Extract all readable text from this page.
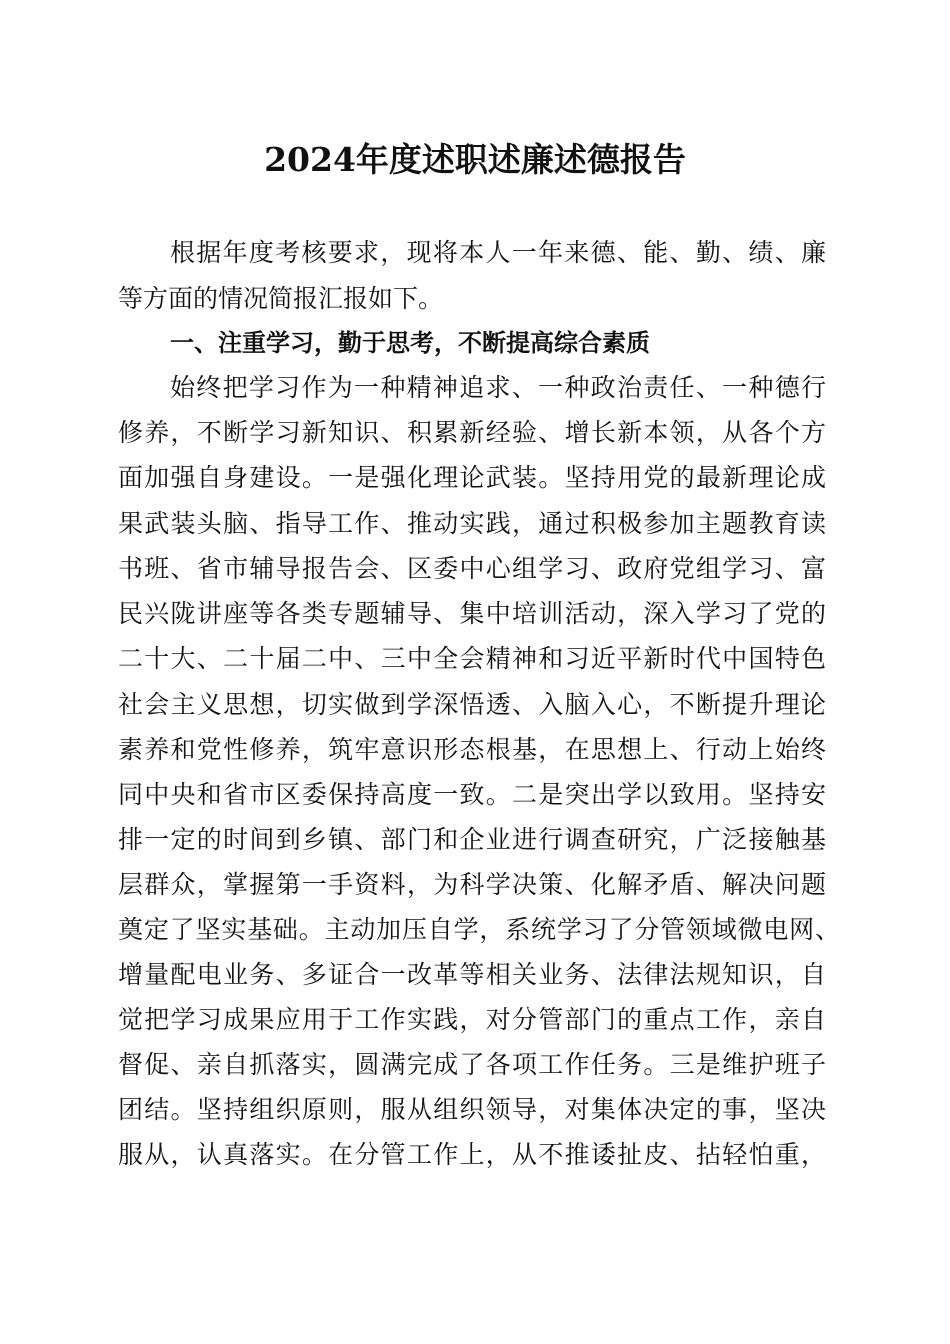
2024年度述职述廉述德报告

根据年度考核要求，现将本人一年来德、能、勤、绩、廉

等方面的情况简报汇报如下。

一、注重学习，勤于思考，不断提高综合素质

始终把学习作为一种精神追求、一种政治责任、一种德行

修养，不断学习新知识、积累新经验、增长新本领，从各个方

面加强自身建设。一是强化理论武装。坚持用党的最新理论成

果武装头脑、指导工作、推动实践，通过积极参加主题教育读

书班、省市辅导报告会、区委中心组学习、政府党组学习、富

民兴陇讲座等各类专题辅导、集中培训活动，深入学习了党的

二十大、二十届二中、三中全会精神和习近平新时代中国特色

社会主义思想，切实做到学深悟透、入脑入心，不断提升理论

素养和党性修养，筑牢意识形态根基，在思想上、行动上始终

同中央和省市区委保持高度一致。二是突出学以致用。坚持安

排一定的时间到乡镇、部门和企业进行调查研究，广泛接触基

层群众，掌握第一手资料，为科学决策、化解矛盾、解决问题

奠定了坚实基础。主动加压自学，系统学习了分管领域微电网、

增量配电业务、多证合一改革等相关业务、法律法规知识，自

觉把学习成果应用于工作实践，对分管部门的重点工作，亲自

督促、亲自抓落实，圆满完成了各项工作任务。三是维护班子

团结。坚持组织原则，服从组织领导，对集体决定的事，坚决

服从，认真落实。在分管工作上，从不推诿扯皮、拈轻怕重，
